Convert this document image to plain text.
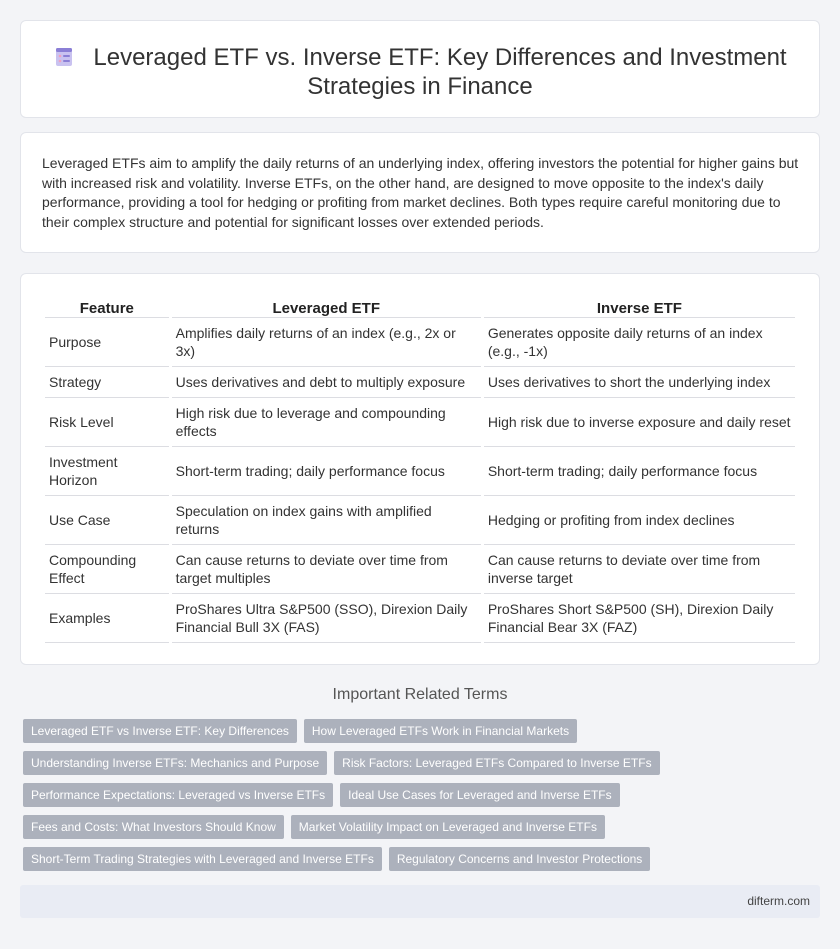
Leveraged ETF vs. Inverse ETF: Key Differences and Investment Strategies in Finance

Leveraged ETFs aim to amplify the daily returns of an underlying index, offering investors the potential for higher gains but with increased risk and volatility. Inverse ETFs, on the other hand, are designed to move opposite to the index's daily performance, providing a tool for hedging or profiting from market declines. Both types require careful monitoring due to their complex structure and potential for significant losses over extended periods.

Feature	Leveraged ETF	Inverse ETF
Purpose	Amplifies daily returns of an index (e.g., 2x or 3x)	Generates opposite daily returns of an index (e.g., -1x)
Strategy	Uses derivatives and debt to multiply exposure	Uses derivatives to short the underlying index
Risk Level	High risk due to leverage and compounding effects	High risk due to inverse exposure and daily reset
Investment Horizon	Short-term trading; daily performance focus	Short-term trading; daily performance focus
Use Case	Speculation on index gains with amplified returns	Hedging or profiting from index declines
Compounding Effect	Can cause returns to deviate over time from target multiples	Can cause returns to deviate over time from inverse target
Examples	ProShares Ultra S&P500 (SSO), Direxion Daily Financial Bull 3X (FAS)	ProShares Short S&P500 (SH), Direxion Daily Financial Bear 3X (FAZ)
Important Related Terms
Leveraged ETF vs Inverse ETF: Key Differences How Leveraged ETFs Work in Financial Markets
Understanding Inverse ETFs: Mechanics and Purpose Risk Factors: Leveraged ETFs Compared to Inverse ETFs
Performance Expectations: Leveraged vs Inverse ETFs Ideal Use Cases for Leveraged and Inverse ETFs
Fees and Costs: What Investors Should Know Market Volatility Impact on Leveraged and Inverse ETFs
Short-Term Trading Strategies with Leveraged and Inverse ETFs Regulatory Concerns and Investor Protections
difterm.com
